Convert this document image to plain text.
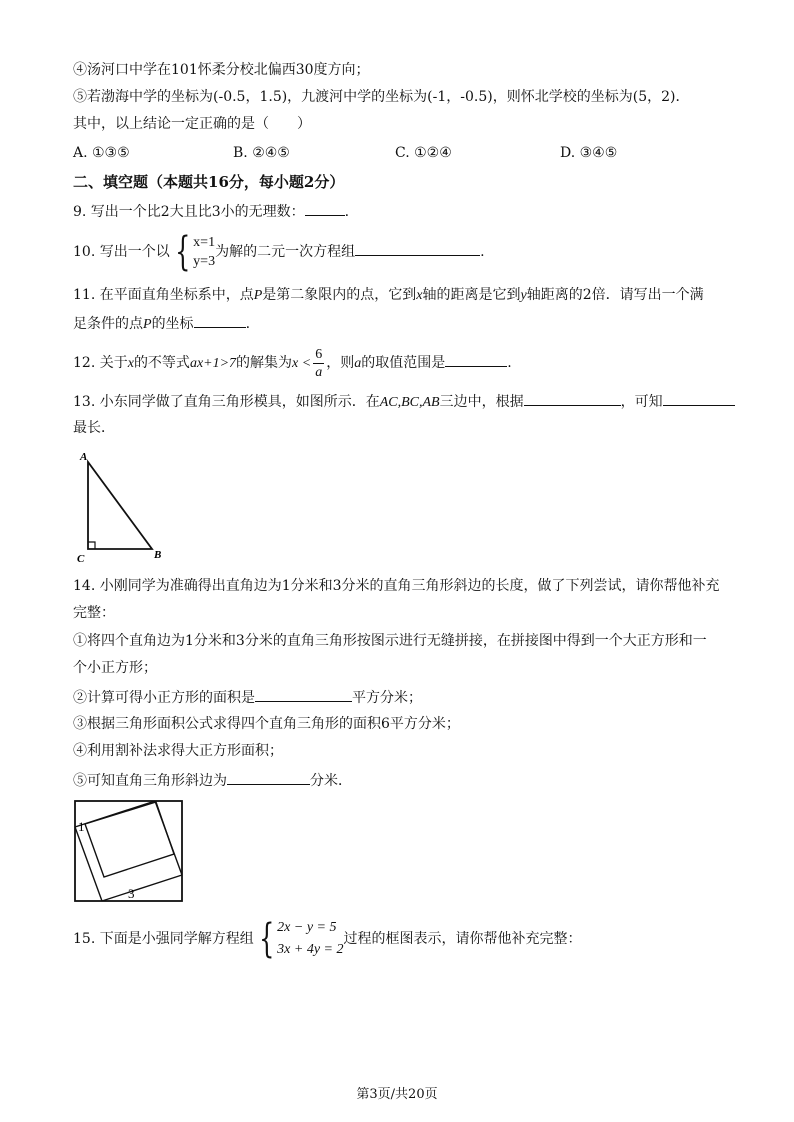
④汤河口中学在101怀柔分校北偏西30度方向；
⑤若渤海中学的坐标为(-0.5，1.5)，九渡河中学的坐标为(-1，-0.5)，则怀北学校的坐标为(5，2)．
其中，以上结论一定正确的是（　　）
A. ①③⑤	B. ②④⑤	C. ①②④	D. ③④⑤
二、填空题（本题共16分，每小题2分）
9. 写出一个比2大且比3小的无理数：	.
10. 写出一个以 { x=1
y=3
为解的二元一次方程组	.
11. 在平面直角坐标系中，点P是第二象限内的点，它到x轴的距离是它到y轴距离的2倍．请写出一个满
足条件的点P的坐标	.
12. 关于x的不等式ax+1>7的解集为$x < \frac{6}{a}$ ，则a的取值范围是	.
13. 小东同学做了直角三角形模具，如图所示．在AC,BC,AB三边中，根据	，可知
最长．
A
C	B
14. 小刚同学为准确得出直角边为1分米和3分米的直角三角形斜边的长度，做了下列尝试，请你帮他补充
完整：
①将四个直角边为1分米和3分米的直角三角形按图示进行无缝拼接，在拼接图中得到一个大正方形和一
个小正方形；
②计算可得小正方形的面积是	平方分米；
③根据三角形面积公式求得四个直角三角形的面积6平方分米；
④利用割补法求得大正方形面积；
⑤可知直角三角形斜边为	分米．
1
3
15. 下面是小强同学解方程组 { 2x − y = 5
3x + 4y = 2
过程的框图表示，请你帮他补充完整：
第3页/共20页
